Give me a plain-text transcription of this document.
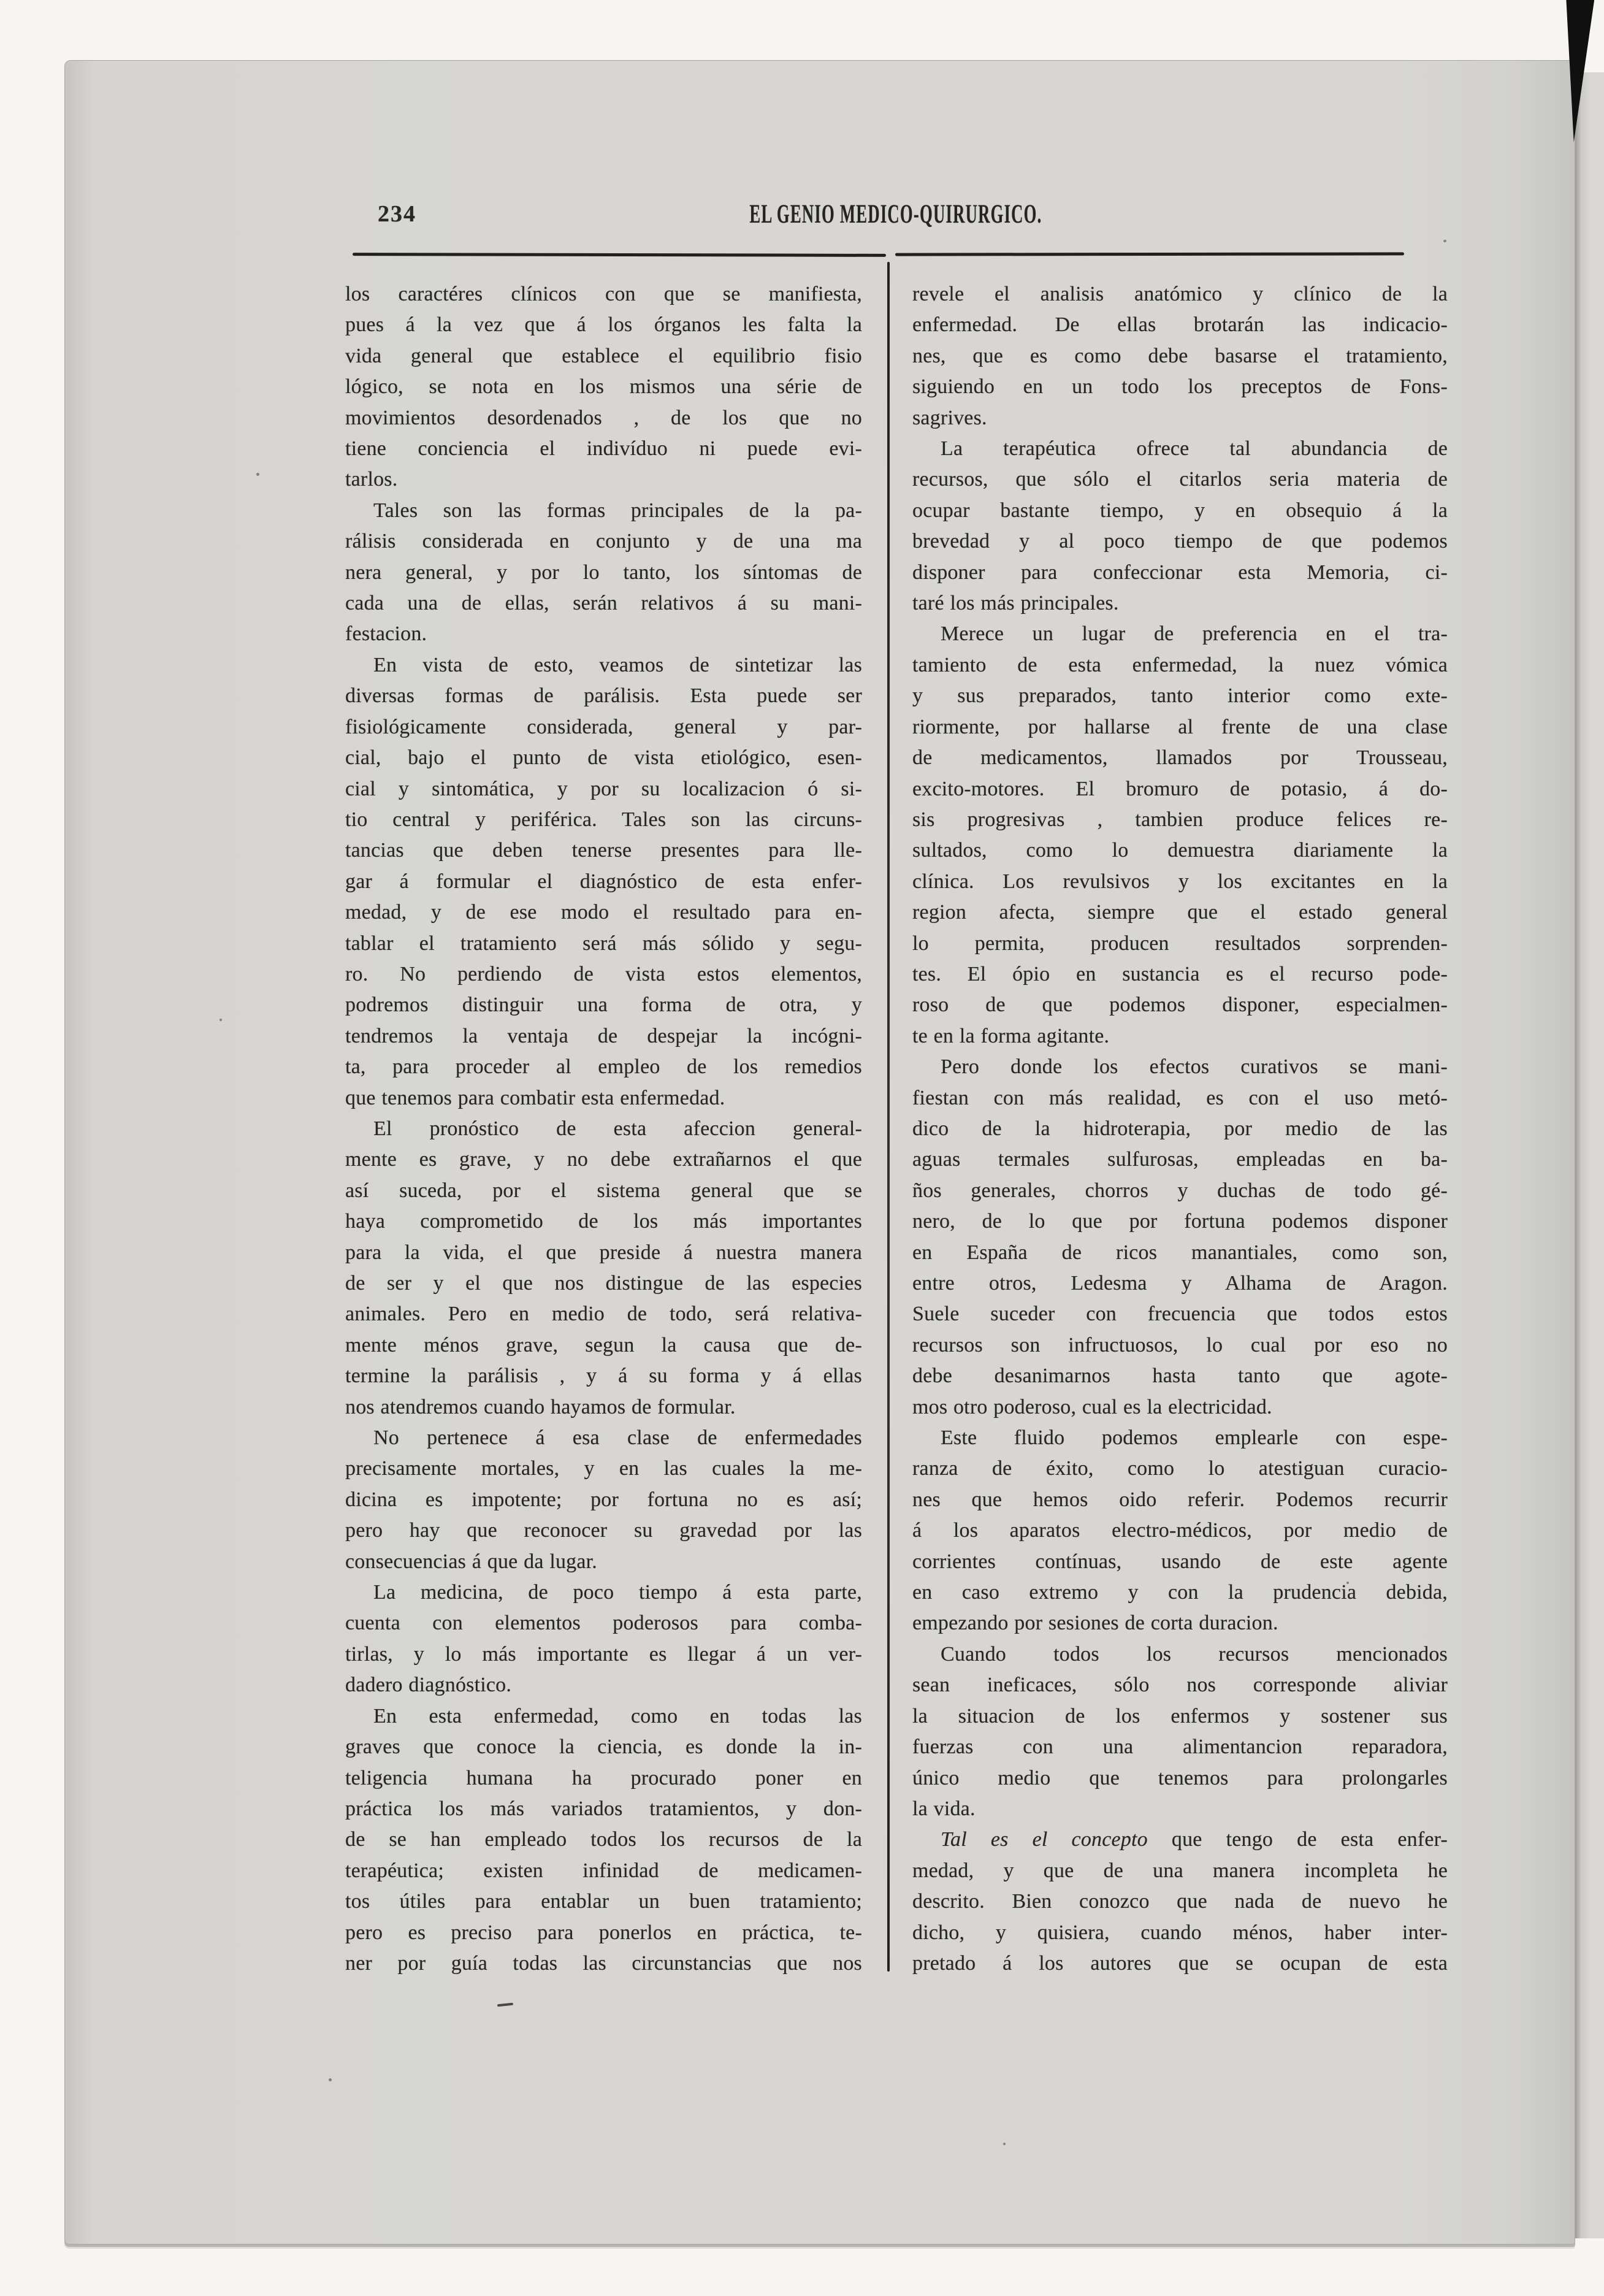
234	EL GENIO MEDICO-QUIRURGICO.
los caractéres clínicos con que se manifiesta,
pues á la vez que á los órganos les falta la
vida general que establece el equilibrio fisio
lógico, se nota en los mismos una série de
movimientos desordenados , de los que no
tiene conciencia el indivíduo ni puede evi-
tarlos.
Tales son las formas principales de la pa-
rálisis considerada en conjunto y de una ma
nera general, y por lo tanto, los síntomas de
cada una de ellas, serán relativos á su mani-
festacion.
En vista de esto, veamos de sintetizar las
diversas formas de parálisis. Esta puede ser
fisiológicamente considerada, general y par-
cial, bajo el punto de vista etiológico, esen-
cial y sintomática, y por su localizacion ó si-
tio central y periférica. Tales son las circuns-
tancias que deben tenerse presentes para lle-
gar á formular el diagnóstico de esta enfer-
medad, y de ese modo el resultado para en-
tablar el tratamiento será más sólido y segu-
ro. No perdiendo de vista estos elementos,
podremos distinguir una forma de otra, y
tendremos la ventaja de despejar la incógni-
ta, para proceder al empleo de los remedios
que tenemos para combatir esta enfermedad.
El pronóstico de esta afeccion general-
mente es grave, y no debe extrañarnos el que
así suceda, por el sistema general que se
haya comprometido de los más importantes
para la vida, el que preside á nuestra manera
de ser y el que nos distingue de las especies
animales. Pero en medio de todo, será relativa-
mente ménos grave, segun la causa que de-
termine la parálisis , y á su forma y á ellas
nos atendremos cuando hayamos de formular.
No pertenece á esa clase de enfermedades
precisamente mortales, y en las cuales la me-
dicina es impotente; por fortuna no es así;
pero hay que reconocer su gravedad por las
consecuencias á que da lugar.
La medicina, de poco tiempo á esta parte,
cuenta con elementos poderosos para comba-
tirlas, y lo más importante es llegar á un ver-
dadero diagnóstico.
En esta enfermedad, como en todas las
graves que conoce la ciencia, es donde la in-
teligencia humana ha procurado poner en
práctica los más variados tratamientos, y don-
de se han empleado todos los recursos de la
terapéutica; existen infinidad de medicamen-
tos útiles para entablar un buen tratamiento;
pero es preciso para ponerlos en práctica, te-
ner por guía todas las circunstancias que nos
revele el analisis anatómico y clínico de la
enfermedad. De ellas brotarán las indicacio-
nes, que es como debe basarse el tratamiento,
siguiendo en un todo los preceptos de Fons-
sagrives.
La terapéutica ofrece tal abundancia de
recursos, que sólo el citarlos seria materia de
ocupar bastante tiempo, y en obsequio á la
brevedad y al poco tiempo de que podemos
disponer para confeccionar esta Memoria, ci-
taré los más principales.
Merece un lugar de preferencia en el tra-
tamiento de esta enfermedad, la nuez vómica
y sus preparados, tanto interior como exte-
riormente, por hallarse al frente de una clase
de medicamentos, llamados por Trousseau,
excito-motores. El bromuro de potasio, á do-
sis progresivas , tambien produce felices re-
sultados, como lo demuestra diariamente la
clínica. Los revulsivos y los excitantes en la
region afecta, siempre que el estado general
lo permita, producen resultados sorprenden-
tes. El ópio en sustancia es el recurso pode-
roso de que podemos disponer, especialmen-
te en la forma agitante.
Pero donde los efectos curativos se mani-
fiestan con más realidad, es con el uso metó-
dico de la hidroterapia, por medio de las
aguas termales sulfurosas, empleadas en ba-
ños generales, chorros y duchas de todo gé-
nero, de lo que por fortuna podemos disponer
en España de ricos manantiales, como son,
entre otros, Ledesma y Alhama de Aragon.
Suele suceder con frecuencia que todos estos
recursos son infructuosos, lo cual por eso no
debe desanimarnos hasta tanto que agote-
mos otro poderoso, cual es la electricidad.
Este fluido podemos emplearle con espe-
ranza de éxito, como lo atestiguan curacio-
nes que hemos oido referir. Podemos recurrir
á los aparatos electro-médicos, por medio de
corrientes contínuas, usando de este agente
en caso extremo y con la prudencia debida,
empezando por sesiones de corta duracion.
Cuando todos los recursos mencionados
sean ineficaces, sólo nos corresponde aliviar
la situacion de los enfermos y sostener sus
fuerzas con una alimentancion reparadora,
único medio que tenemos para prolongarles
la vida.
Tal es el concepto que tengo de esta enfer-
medad, y que de una manera incompleta he
descrito. Bien conozco que nada de nuevo he
dicho, y quisiera, cuando ménos, haber inter-
pretado á los autores que se ocupan de esta
